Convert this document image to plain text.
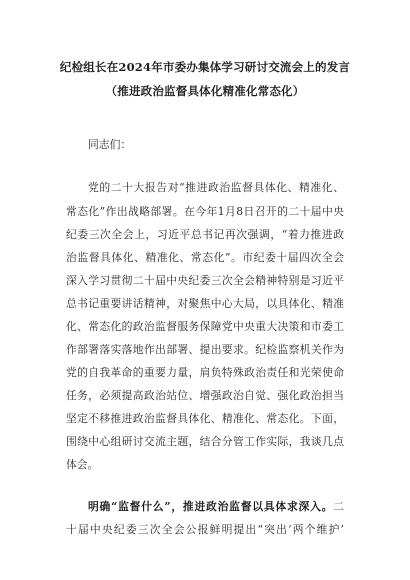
纪检组长在2024年市委办集体学习研讨交流会上的发言
（推进政治监督具体化精准化常态化）
同志们：
党的二十大报告对“推进政治监督具体化、精准化、
常态化”作出战略部署。在今年1月8日召开的二十届中央
纪委三次全会上，习近平总书记再次强调，“着力推进政
治监督具体化、精准化、常态化”。市纪委十届四次全会
深入学习贯彻二十届中央纪委三次全会精神特别是习近平
总书记重要讲话精神，对聚焦中心大局，以具体化、精准
化、常态化的政治监督服务保障党中央重大决策和市委工
作部署落实落地作出部署、提出要求。纪检监察机关作为
党的自我革命的重要力量，肩负特殊政治责任和光荣使命
任务，必须提高政治站位、增强政治自觉、强化政治担当
坚定不移推进政治监督具体化、精准化、常态化。下面，
围绕中心组研讨交流主题，结合分管工作实际，我谈几点
体会。
明确“监督什么”，推进政治监督以具体求深入。二
十届中央纪委三次全会公报鲜明提出“突出‘两个维护’
